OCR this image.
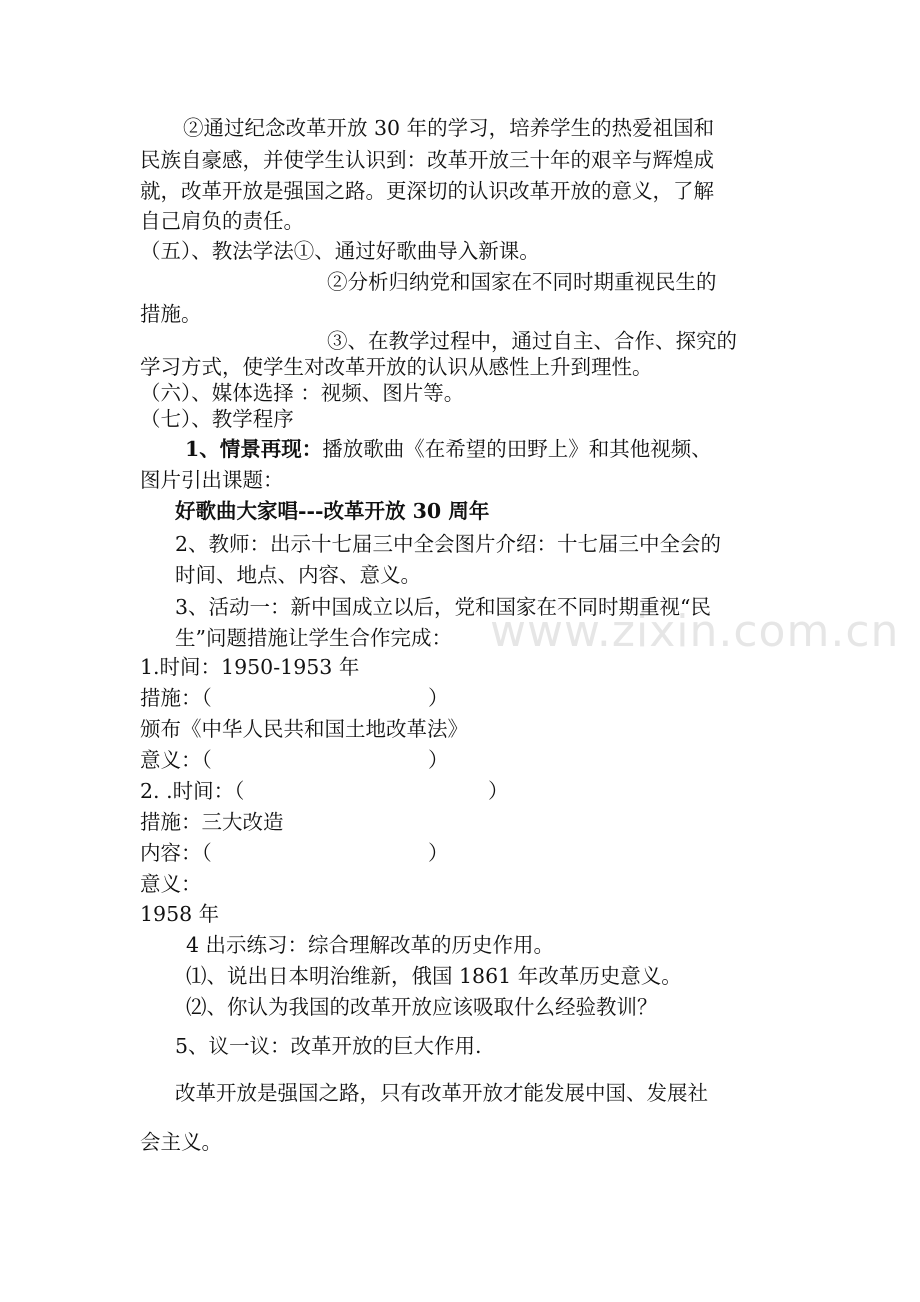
www.zixin.com.cn
②通过纪念改革开放 30 年的学习，培养学生的热爱祖国和
民族自豪感，并使学生认识到：改革开放三十年的艰辛与辉煌成
就，改革开放是强国之路。更深切的认识改革开放的意义，了解
自己肩负的责任。
（五）、教法学法①、通过好歌曲导入新课。
②分析归纳党和国家在不同时期重视民生的
措施。
③、在教学过程中，通过自主、合作、探究的
学习方式，使学生对改革开放的认识从感性上升到理性。
（六）、媒体选择 ：视频、图片等。
（七）、教学程序
1、情景再现：播放歌曲《在希望的田野上》和其他视频、
图片引出课题：
好歌曲大家唱---改革开放 30 周年
2、教师：出示十七届三中全会图片介绍：十七届三中全会的
时间、地点、内容、意义。
3、活动一：新中国成立以后，党和国家在不同时期重视“民
生”问题措施让学生合作完成：
1.时间：1950-1953 年
措施：（	）
颁布《中华人民共和国土地改革法》
意义：（	）
2. .时间：（	）
措施：三大改造
内容：（	）
意义：
1958 年
4 出示练习：综合理解改革的历史作用。
⑴、说出日本明治维新，俄国 1861 年改革历史意义。
⑵、你认为我国的改革开放应该吸取什么经验教训？
5、议一议：改革开放的巨大作用.
改革开放是强国之路，只有改革开放才能发展中国、发展社
会主义。
